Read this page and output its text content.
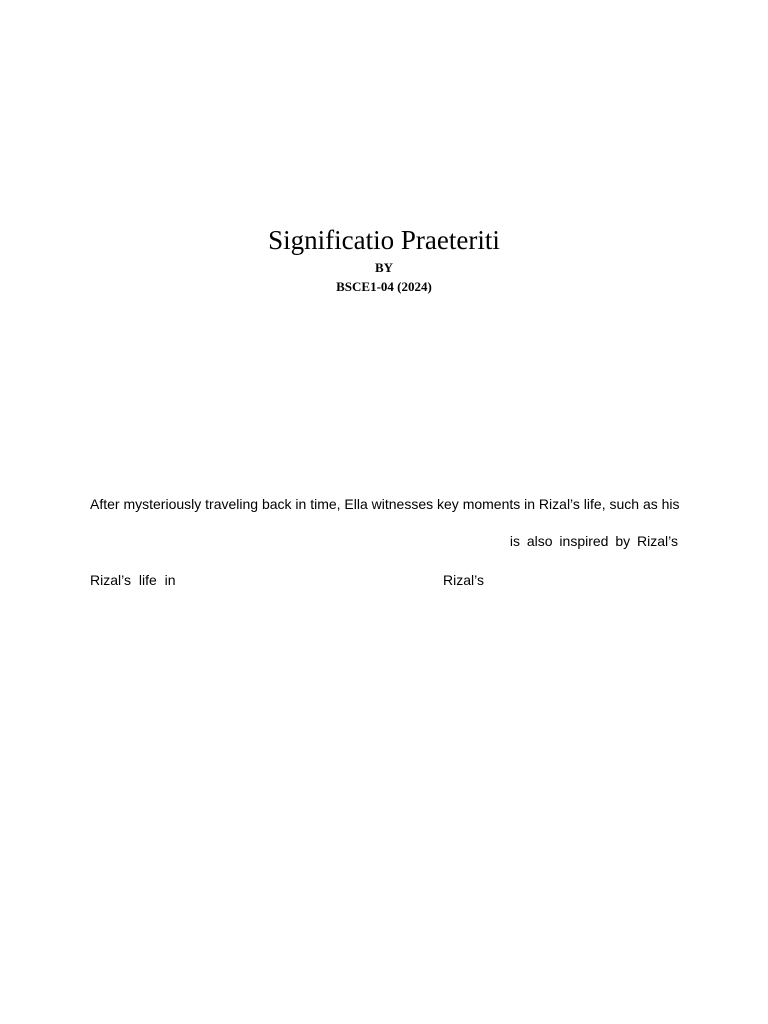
Significatio Praeteriti
BY
BSCE1-04 (2024)
After mysteriously traveling back in time, Ella witnesses key moments in Rizal’s life, such as his
is also inspired by Rizal’s
Rizal’s life in	Rizal’s
